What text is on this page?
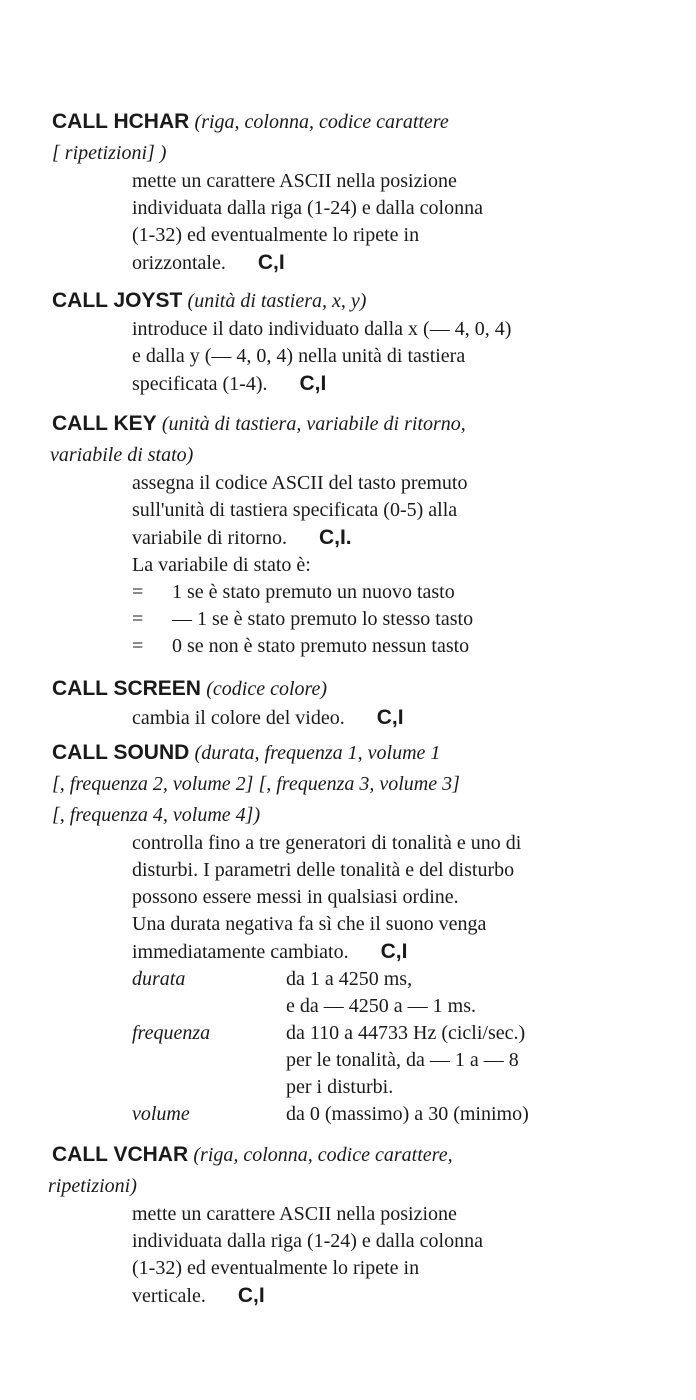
CALL HCHAR (riga, colonna, codice carattere
[ ripetizioni] )
mette un carattere ASCII nella posizione
individuata dalla riga (1-24) e dalla colonna
(1-32) ed eventualmente lo ripete in
orizzontale. C,I
CALL JOYST (unità di tastiera, x, y)
introduce il dato individuato dalla x (— 4, 0, 4)
e dalla y (— 4, 0, 4) nella unità di tastiera
specificata (1-4). C,I
CALL KEY (unità di tastiera, variabile di ritorno,
variabile di stato)
assegna il codice ASCII del tasto premuto
sull'unità di tastiera specificata (0-5) alla
variabile di ritorno. C,I.
La variabile di stato è:
= 1 se è stato premuto un nuovo tasto
= — 1 se è stato premuto lo stesso tasto
= 0 se non è stato premuto nessun tasto
CALL SCREEN (codice colore)
cambia il colore del video. C,I
CALL SOUND (durata, frequenza 1, volume 1
[, frequenza 2, volume 2] [, frequenza 3, volume 3]
[, frequenza 4, volume 4])
controlla fino a tre generatori di tonalità e uno di
disturbi. I parametri delle tonalità e del disturbo
possono essere messi in qualsiasi ordine.
Una durata negativa fa sì che il suono venga
immediatamente cambiato. C,I
durata	da 1 a 4250 ms,
e da — 4250 a — 1 ms.
frequenza	da 110 a 44733 Hz (cicli/sec.)
per le tonalità, da — 1 a — 8
per i disturbi.
volume	da 0 (massimo) a 30 (minimo)
CALL VCHAR (riga, colonna, codice carattere,
ripetizioni)
mette un carattere ASCII nella posizione
individuata dalla riga (1-24) e dalla colonna
(1-32) ed eventualmente lo ripete in
verticale. C,I
